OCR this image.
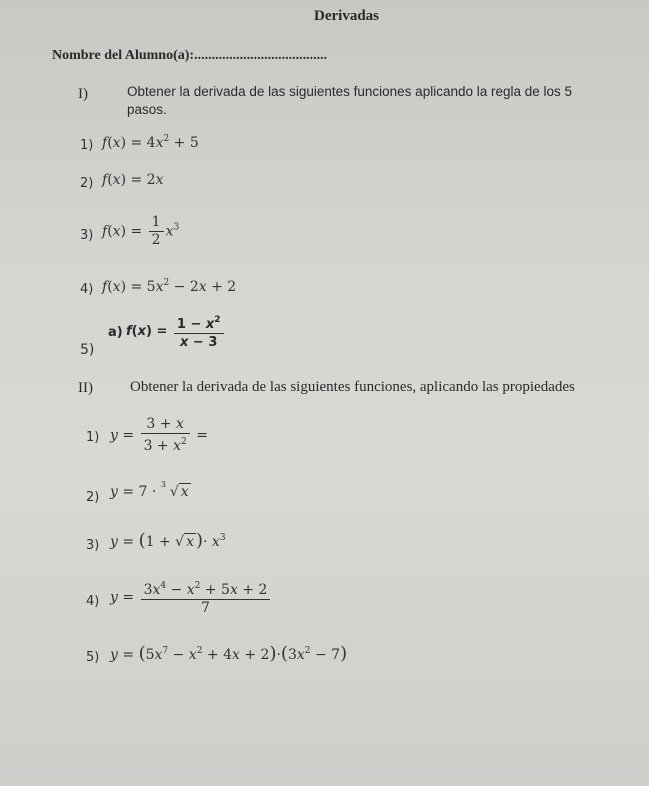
Derivadas
Nombre del Alumno(a):......................................
I)	Obtener la derivada de las siguientes funciones aplicando la regla de los 5
pasos.
1) $f(x) = 4x^2 + 5$
2) f(x) = 2x
3) $f(x) = \frac{1}{2} x^3$
4) $f(x) = 5x^2 - 2x + 2$
5)
a) $f(x) = \frac{1 - x^2}{x - 3}$
II) Obtener la derivada de las siguientes funciones, aplicando las propiedades
1) $y = \frac{3 + x}{3 + x^2}$ =
2) y = 7 · 3 √ x
3) y = (1 + √ x )· $x^3$
4) $y = \frac{3x^4 - x^2 + 5x + 2}{7}$
5) $y = (5x^7 - x^2 + 4x + 2)\cdot(3x^2 - 7)$
